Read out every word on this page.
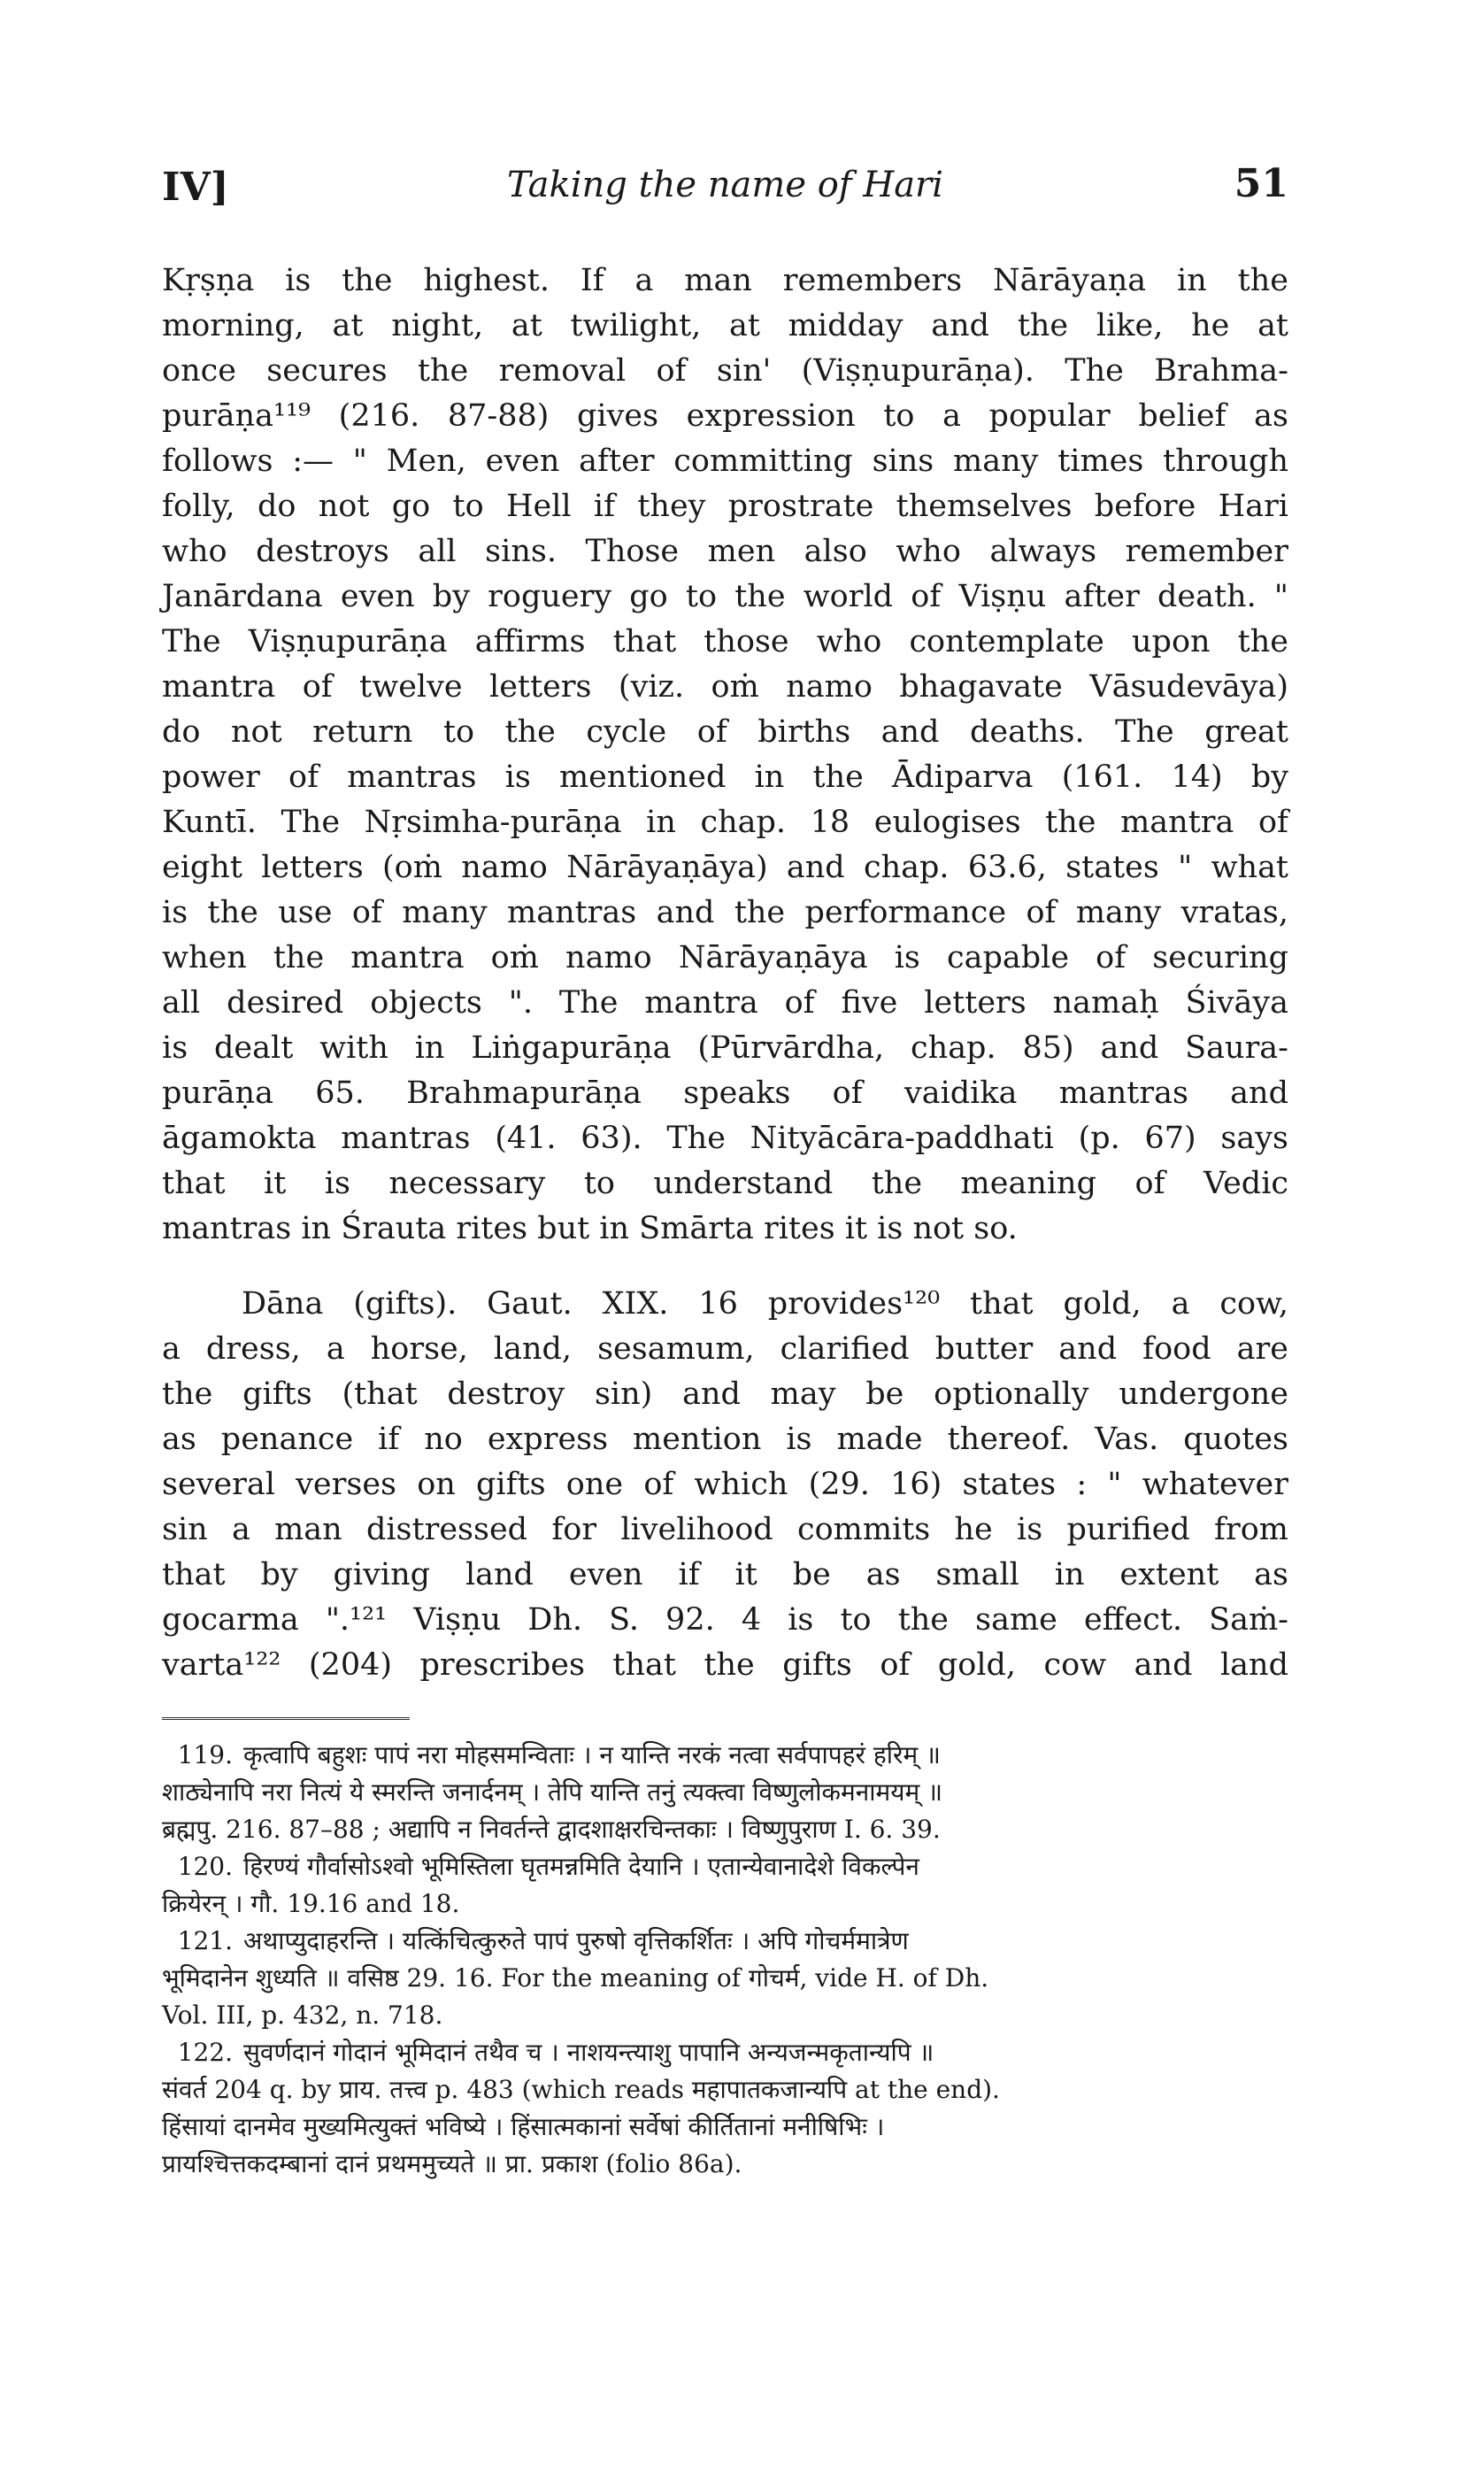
IV]	Taking the name of Hari	51
Kṛṣṇa is the highest. If a man remembers Nārāyaṇa in the
morning, at night, at twilight, at midday and the like, he at
once secures the removal of sin' (Viṣṇupurāṇa). The Brahma-
purāṇa¹¹⁹ (216. 87-88) gives expression to a popular belief as
follows :— " Men, even after committing sins many times through
folly, do not go to Hell if they prostrate themselves before Hari
who destroys all sins. Those men also who always remember
Janārdana even by roguery go to the world of Viṣṇu after death. "
The Viṣṇupurāṇa affirms that those who contemplate upon the
mantra of twelve letters (viz. oṁ namo bhagavate Vāsudevāya)
do not return to the cycle of births and deaths. The great
power of mantras is mentioned in the Ādiparva (161. 14) by
Kuntī. The Nṛsimha-purāṇa in chap. 18 eulogises the mantra of
eight letters (oṁ namo Nārāyaṇāya) and chap. 63.6, states " what
is the use of many mantras and the performance of many vratas,
when the mantra oṁ namo Nārāyaṇāya is capable of securing
all desired objects ". The mantra of five letters namaḥ Śivāya
is dealt with in Liṅgapurāṇa (Pūrvārdha, chap. 85) and Saura-
purāṇa 65. Brahmapurāṇa speaks of vaidika mantras and
āgamokta mantras (41. 63). The Nityācāra-paddhati (p. 67) says
that it is necessary to understand the meaning of Vedic
mantras in Śrauta rites but in Smārta rites it is not so.
Dāna (gifts). Gaut. XIX. 16 provides¹²⁰ that gold, a cow,
a dress, a horse, land, sesamum, clarified butter and food are
the gifts (that destroy sin) and may be optionally undergone
as penance if no express mention is made thereof. Vas. quotes
several verses on gifts one of which (29. 16) states : " whatever
sin a man distressed for livelihood commits he is purified from
that by giving land even if it be as small in extent as
gocarma ".¹²¹ Viṣṇu Dh. S. 92. 4 is to the same effect. Saṁ-
varta¹²² (204) prescribes that the gifts of gold, cow and land
119. कृत्वापि बहुशः पापं नरा मोहसमन्विताः । न यान्ति नरकं नत्वा सर्वपापहरं हरिम् ॥
शाठ्येनापि नरा नित्यं ये स्मरन्ति जनार्दनम् । तेपि यान्ति तनुं त्यक्त्वा विष्णुलोकमनामयम् ॥
ब्रह्मपु. 216. 87–88 ; अद्यापि न निवर्तन्ते द्वादशाक्षरचिन्तकाः । विष्णुपुराण I. 6. 39.
120. हिरण्यं गौर्वासोऽश्वो भूमिस्तिला घृतमन्नमिति देयानि । एतान्येवानादेशे विकल्पेन
क्रियेरन् । गौ. 19.16 and 18.
121. अथाप्युदाहरन्ति । यत्किंचित्कुरुते पापं पुरुषो वृत्तिकर्शितः । अपि गोचर्ममात्रेण
भूमिदानेन शुध्यति ॥ वसिष्ठ 29. 16. For the meaning of गोचर्म, vide H. of Dh.
Vol. III, p. 432, n. 718.
122. सुवर्णदानं गोदानं भूमिदानं तथैव च । नाशयन्त्याशु पापानि अन्यजन्मकृतान्यपि ॥
संवर्त 204 q. by प्राय. तत्त्व p. 483 (which reads महापातकजान्यपि at the end).
हिंसायां दानमेव मुख्यमित्युक्तं भविष्ये । हिंसात्मकानां सर्वेषां कीर्तितानां मनीषिभिः ।
प्रायश्चित्तकदम्बानां दानं प्रथममुच्यते ॥ प्रा. प्रकाश (folio 86a).
